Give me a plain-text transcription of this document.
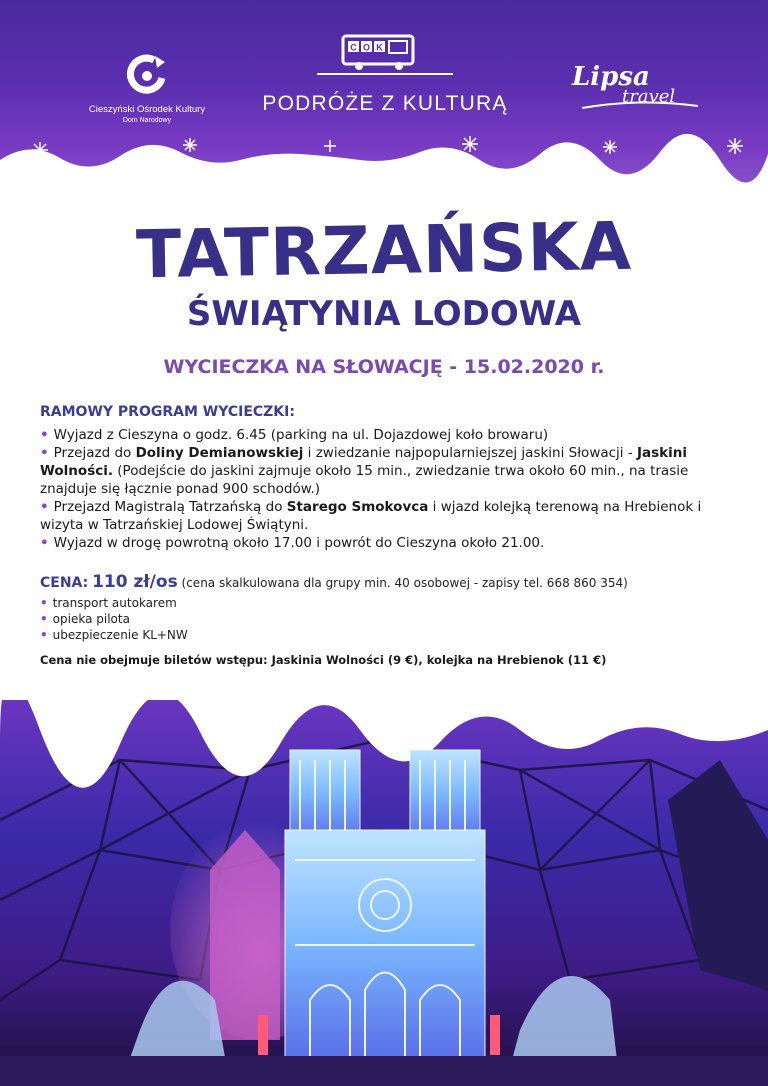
Cieszyński Ośrodek Kultury
Dom Narodowy
C O K
PODRÓŻE Z KULTURĄ
Lipsa
travel
TATRZAŃSKA
ŚWIĄTYNIA LODOWA

WYCIECZKA NA SŁOWACJĘ - 15.02.2020 r.

RAMOWY PROGRAM WYCIECZKI:

• Wyjazd z Cieszyna o godz. 6.45 (parking na ul. Dojazdowej koło browaru)
• Przejazd do Doliny Demianowskiej i zwiedzanie najpopularniejszej jaskini Słowacji - Jaskini Wolności. (Podejście do jaskini zajmuje około 15 min., zwiedzanie trwa około 60 min., na trasie znajduje się łącznie ponad 900 schodów.)
• Przejazd Magistralą Tatrzańską do Starego Smokovca i wjazd kolejką terenową na Hrebienok i wizyta w Tatrzańskiej Lodowej Świątyni.
• Wyjazd w drogę powrotną około 17.00 i powrót do Cieszyna około 21.00.
CENA: 110 zł/os (cena skalkulowana dla grupy min. 40 osobowej - zapisy tel. 668 860 354)
• transport autokarem
• opieka pilota
• ubezpieczenie KL+NW
Cena nie obejmuje biletów wstępu: Jaskinia Wolności (9 €), kolejka na Hrebienok (11 €)
